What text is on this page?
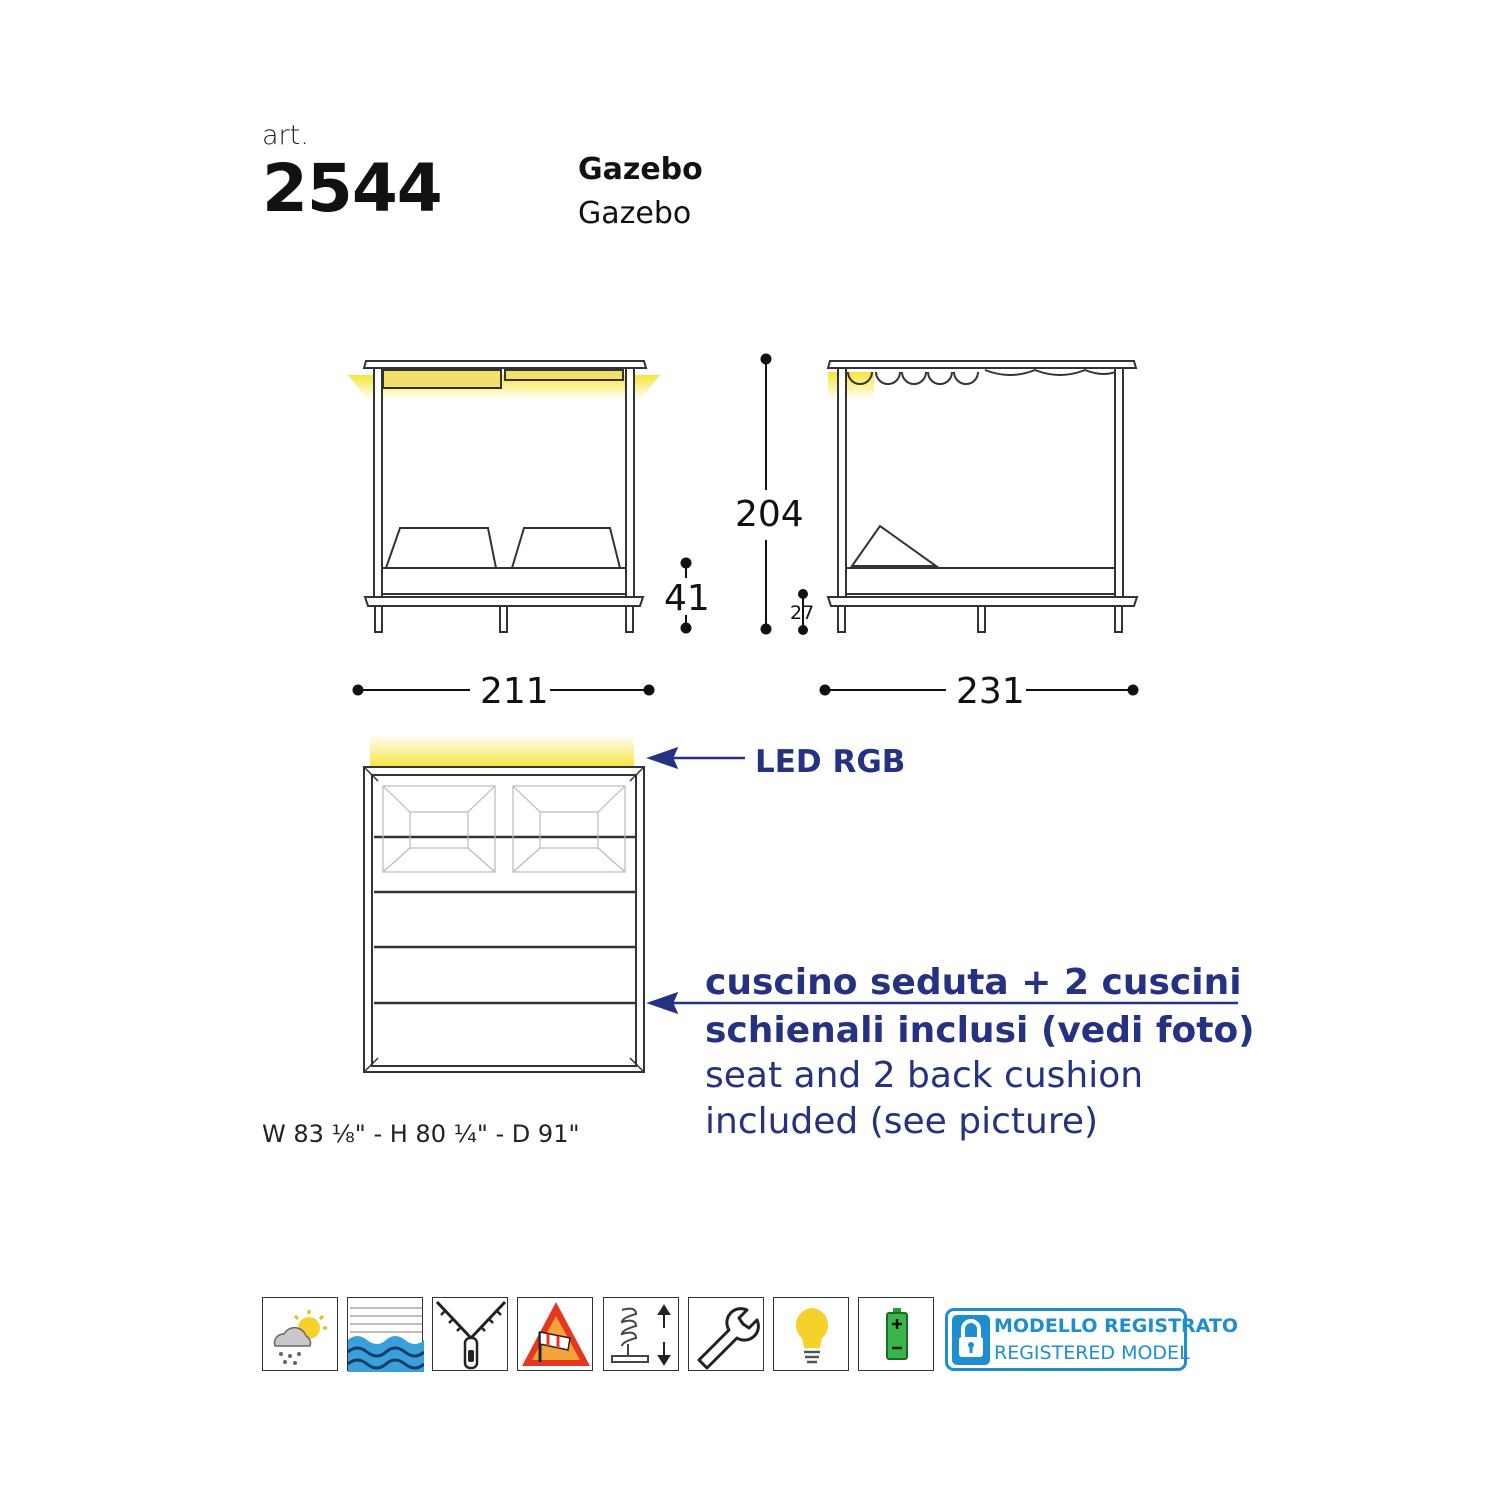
art.
2544	Gazebo
Gazebo
41
204
27
211	231
LED RGB
cuscino seduta + 2 cuscini
schienali inclusi (vedi foto)
seat and 2 back cushion
included (see picture)
W 83 ⅛" - H 80 ¼" - D 91"
MODELLO REGISTRATO
REGISTERED MODEL
